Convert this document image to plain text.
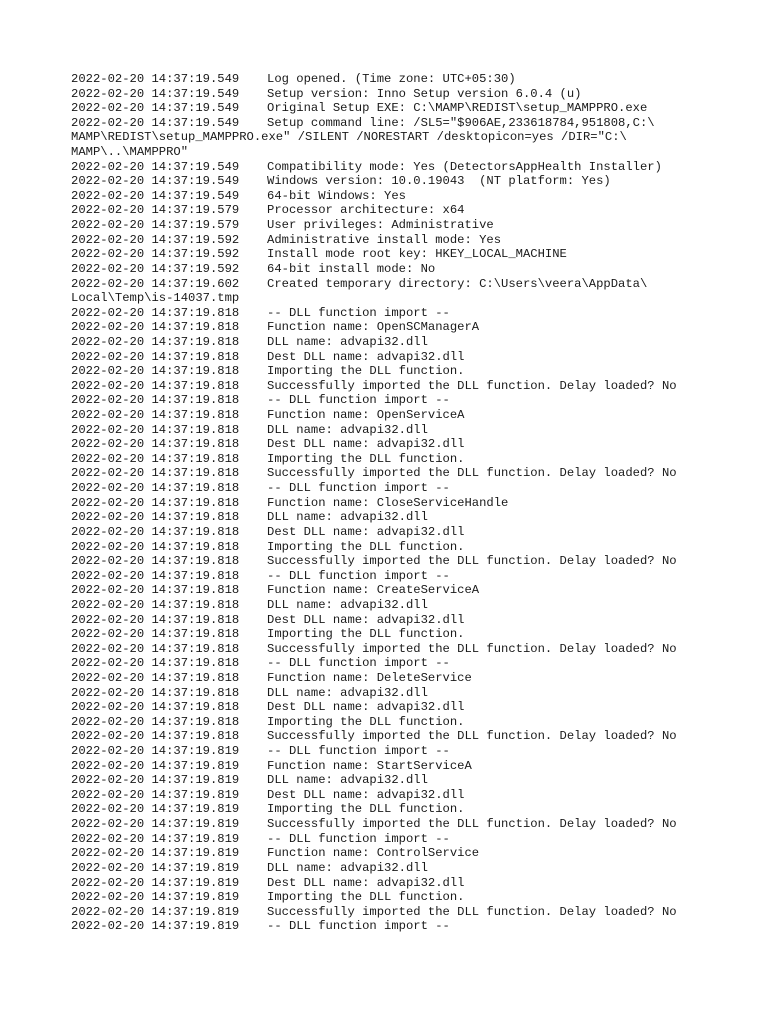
2022-02-20 14:37:19.549 Log opened. (Time zone: UTC+05:30)
2022-02-20 14:37:19.549 Setup version: Inno Setup version 6.0.4 (u)
2022-02-20 14:37:19.549 Original Setup EXE: C:\MAMP\REDIST\setup_MAMPPRO.exe
2022-02-20 14:37:19.549 Setup command line: /SL5="$906AE,233618784,951808,C:\
MAMP\REDIST\setup_MAMPPRO.exe" /SILENT /NORESTART /desktopicon=yes /DIR="C:\
MAMP\..\MAMPPRO"
2022-02-20 14:37:19.549 Compatibility mode: Yes (DetectorsAppHealth Installer)
2022-02-20 14:37:19.549 Windows version: 10.0.19043  (NT platform: Yes)
2022-02-20 14:37:19.549 64-bit Windows: Yes
2022-02-20 14:37:19.579 Processor architecture: x64
2022-02-20 14:37:19.579 User privileges: Administrative
2022-02-20 14:37:19.592 Administrative install mode: Yes
2022-02-20 14:37:19.592 Install mode root key: HKEY_LOCAL_MACHINE
2022-02-20 14:37:19.592 64-bit install mode: No
2022-02-20 14:37:19.602 Created temporary directory: C:\Users\veera\AppData\
Local\Temp\is-14037.tmp
2022-02-20 14:37:19.818 -- DLL function import --
2022-02-20 14:37:19.818 Function name: OpenSCManagerA
2022-02-20 14:37:19.818 DLL name: advapi32.dll
2022-02-20 14:37:19.818 Dest DLL name: advapi32.dll
2022-02-20 14:37:19.818 Importing the DLL function.
2022-02-20 14:37:19.818 Successfully imported the DLL function. Delay loaded? No
2022-02-20 14:37:19.818 -- DLL function import --
2022-02-20 14:37:19.818 Function name: OpenServiceA
2022-02-20 14:37:19.818 DLL name: advapi32.dll
2022-02-20 14:37:19.818 Dest DLL name: advapi32.dll
2022-02-20 14:37:19.818 Importing the DLL function.
2022-02-20 14:37:19.818 Successfully imported the DLL function. Delay loaded? No
2022-02-20 14:37:19.818 -- DLL function import --
2022-02-20 14:37:19.818 Function name: CloseServiceHandle
2022-02-20 14:37:19.818 DLL name: advapi32.dll
2022-02-20 14:37:19.818 Dest DLL name: advapi32.dll
2022-02-20 14:37:19.818 Importing the DLL function.
2022-02-20 14:37:19.818 Successfully imported the DLL function. Delay loaded? No
2022-02-20 14:37:19.818 -- DLL function import --
2022-02-20 14:37:19.818 Function name: CreateServiceA
2022-02-20 14:37:19.818 DLL name: advapi32.dll
2022-02-20 14:37:19.818 Dest DLL name: advapi32.dll
2022-02-20 14:37:19.818 Importing the DLL function.
2022-02-20 14:37:19.818 Successfully imported the DLL function. Delay loaded? No
2022-02-20 14:37:19.818 -- DLL function import --
2022-02-20 14:37:19.818 Function name: DeleteService
2022-02-20 14:37:19.818 DLL name: advapi32.dll
2022-02-20 14:37:19.818 Dest DLL name: advapi32.dll
2022-02-20 14:37:19.818 Importing the DLL function.
2022-02-20 14:37:19.818 Successfully imported the DLL function. Delay loaded? No
2022-02-20 14:37:19.819 -- DLL function import --
2022-02-20 14:37:19.819 Function name: StartServiceA
2022-02-20 14:37:19.819 DLL name: advapi32.dll
2022-02-20 14:37:19.819 Dest DLL name: advapi32.dll
2022-02-20 14:37:19.819 Importing the DLL function.
2022-02-20 14:37:19.819 Successfully imported the DLL function. Delay loaded? No
2022-02-20 14:37:19.819 -- DLL function import --
2022-02-20 14:37:19.819 Function name: ControlService
2022-02-20 14:37:19.819 DLL name: advapi32.dll
2022-02-20 14:37:19.819 Dest DLL name: advapi32.dll
2022-02-20 14:37:19.819 Importing the DLL function.
2022-02-20 14:37:19.819 Successfully imported the DLL function. Delay loaded? No
2022-02-20 14:37:19.819 -- DLL function import --
